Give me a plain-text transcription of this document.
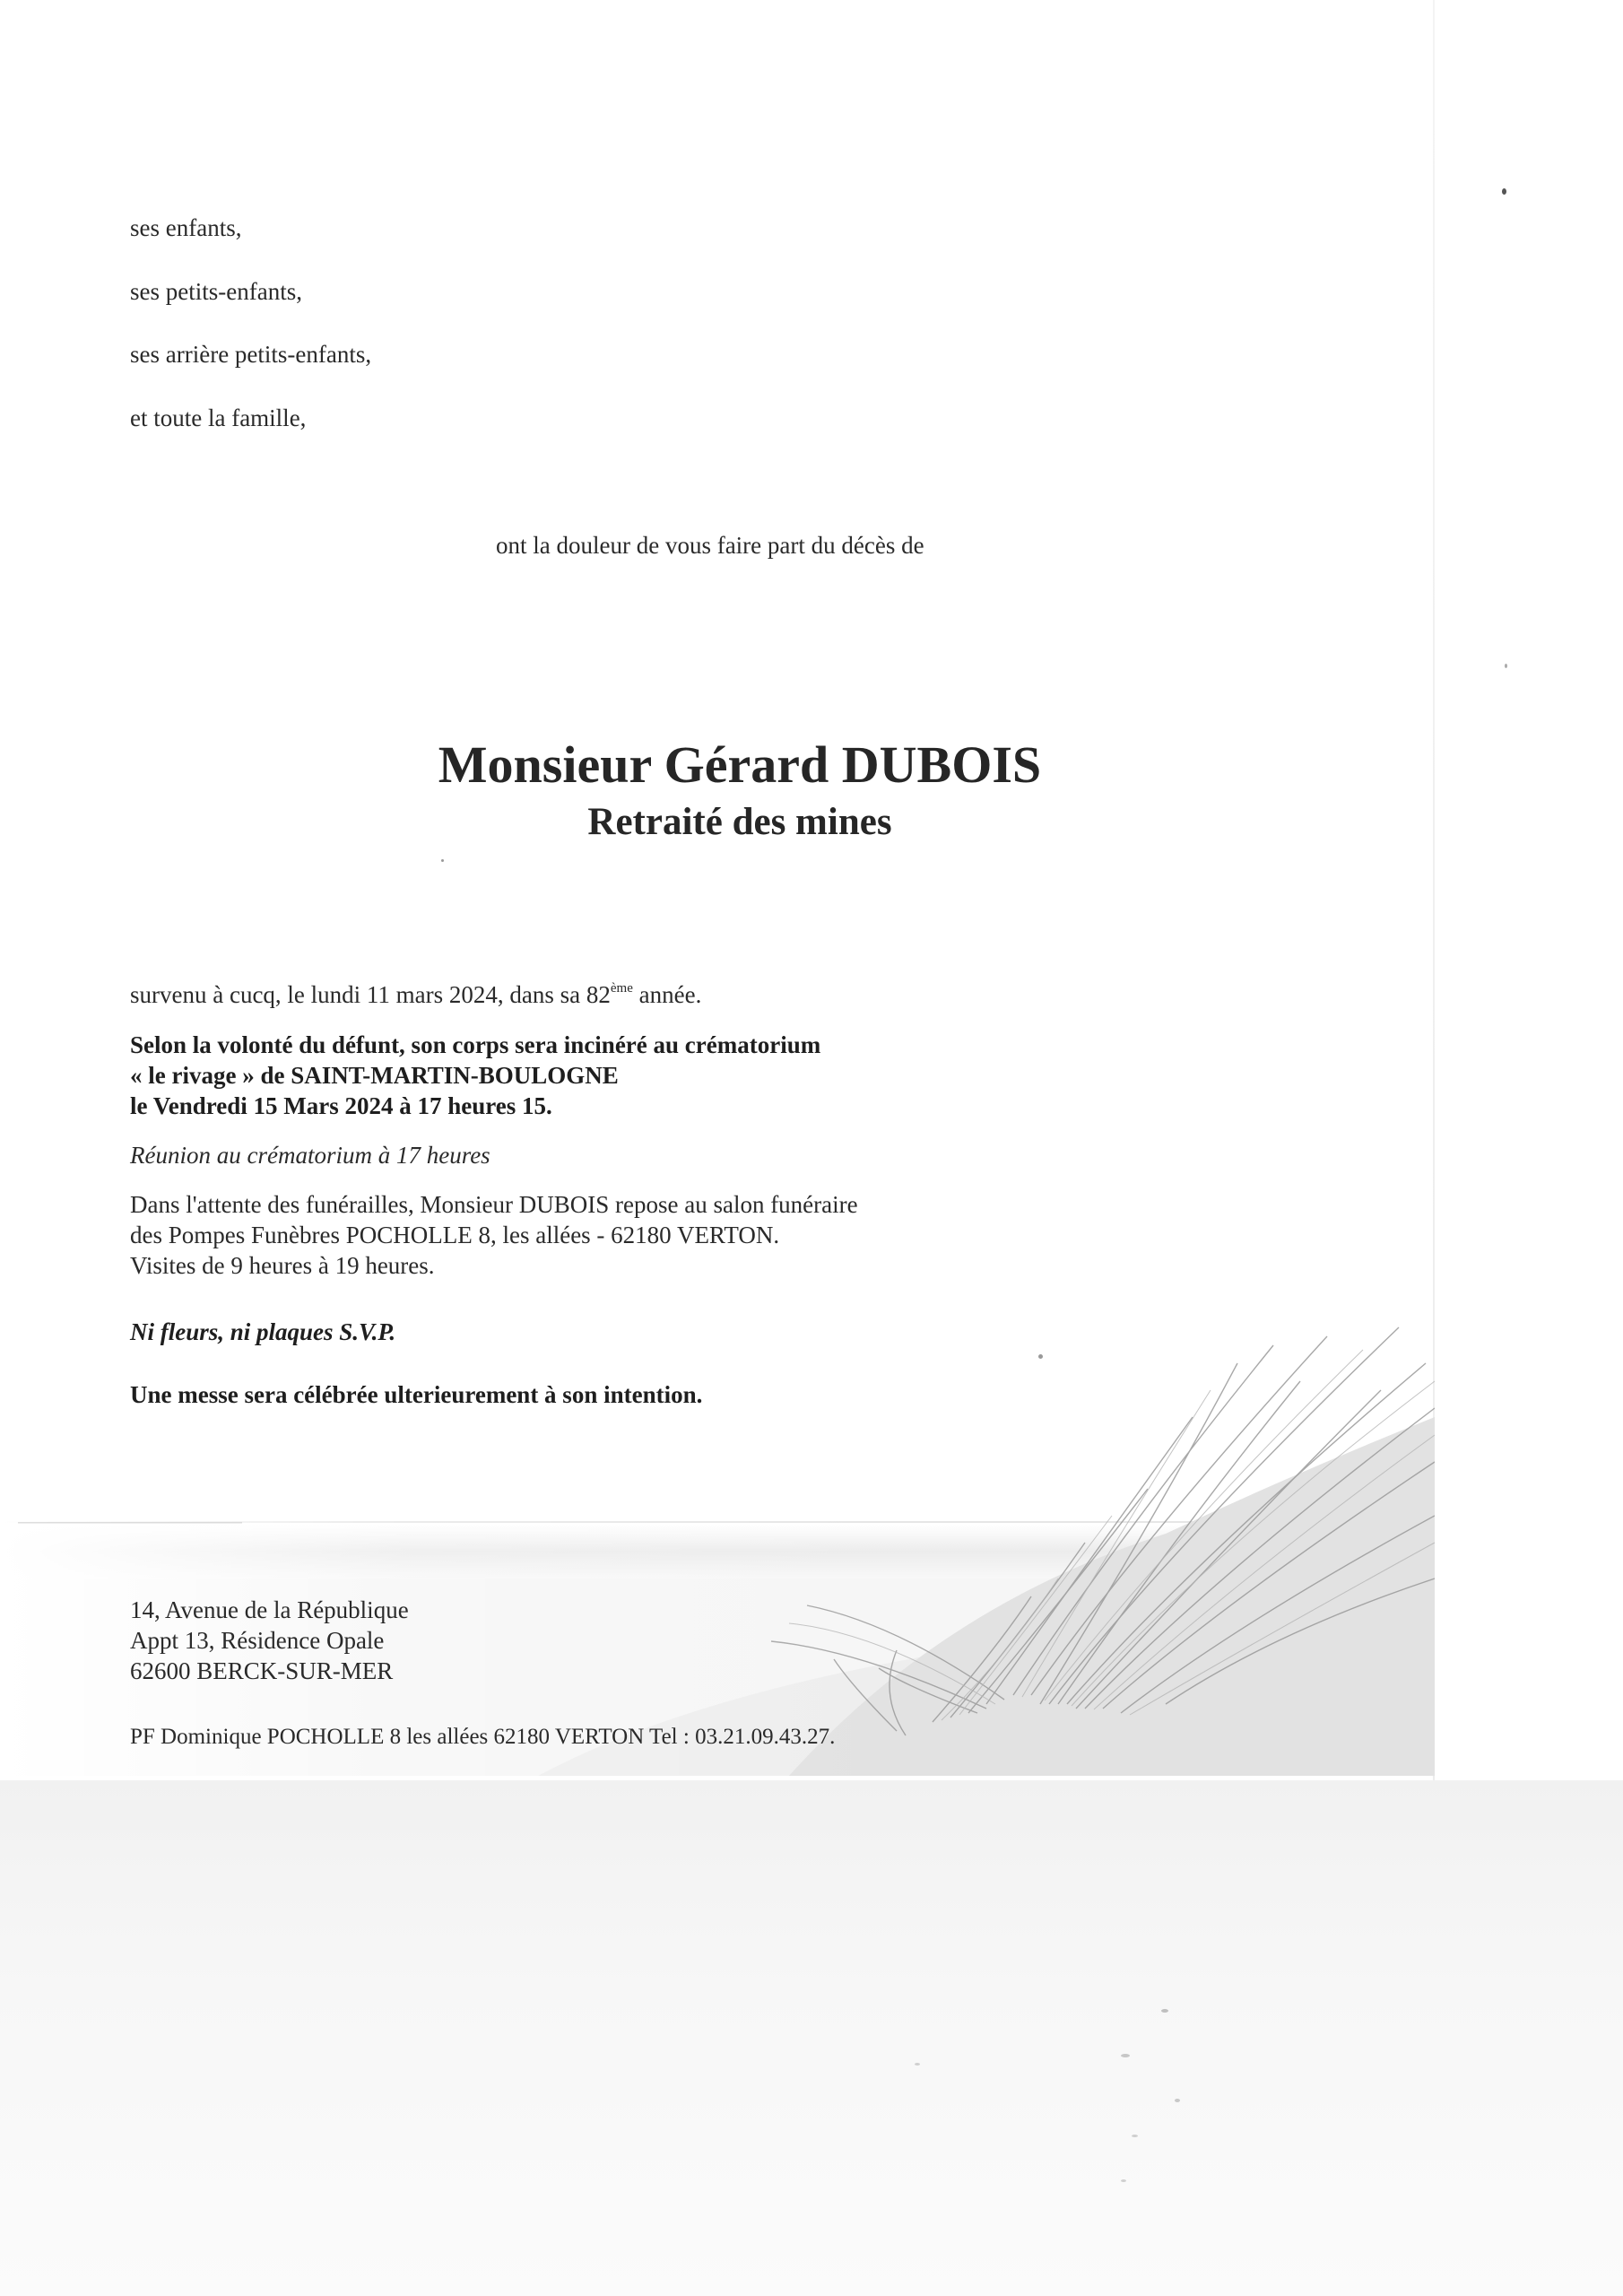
ses enfants,
ses petits-enfants,
ses arrière petits-enfants,
et toute la famille,
ont la douleur de vous faire part du décès de
Monsieur Gérard DUBOIS
Retraité des mines
survenu à cucq, le lundi 11 mars 2024, dans sa 82ème année.
Selon la volonté du défunt, son corps sera incinéré au crématorium
« le rivage » de SAINT-MARTIN-BOULOGNE
le Vendredi 15 Mars 2024 à 17 heures 15.
Réunion au crématorium à 17 heures
Dans l'attente des funérailles, Monsieur DUBOIS repose au salon funéraire
des Pompes Funèbres POCHOLLE 8, les allées - 62180 VERTON.
Visites de 9 heures à 19 heures.
Ni fleurs, ni plaques S.V.P.
Une messe sera célébrée ulterieurement à son intention.
14, Avenue de la République
Appt 13, Résidence Opale
62600 BERCK-SUR-MER
PF Dominique POCHOLLE 8 les allées 62180 VERTON Tel : 03.21.09.43.27.
